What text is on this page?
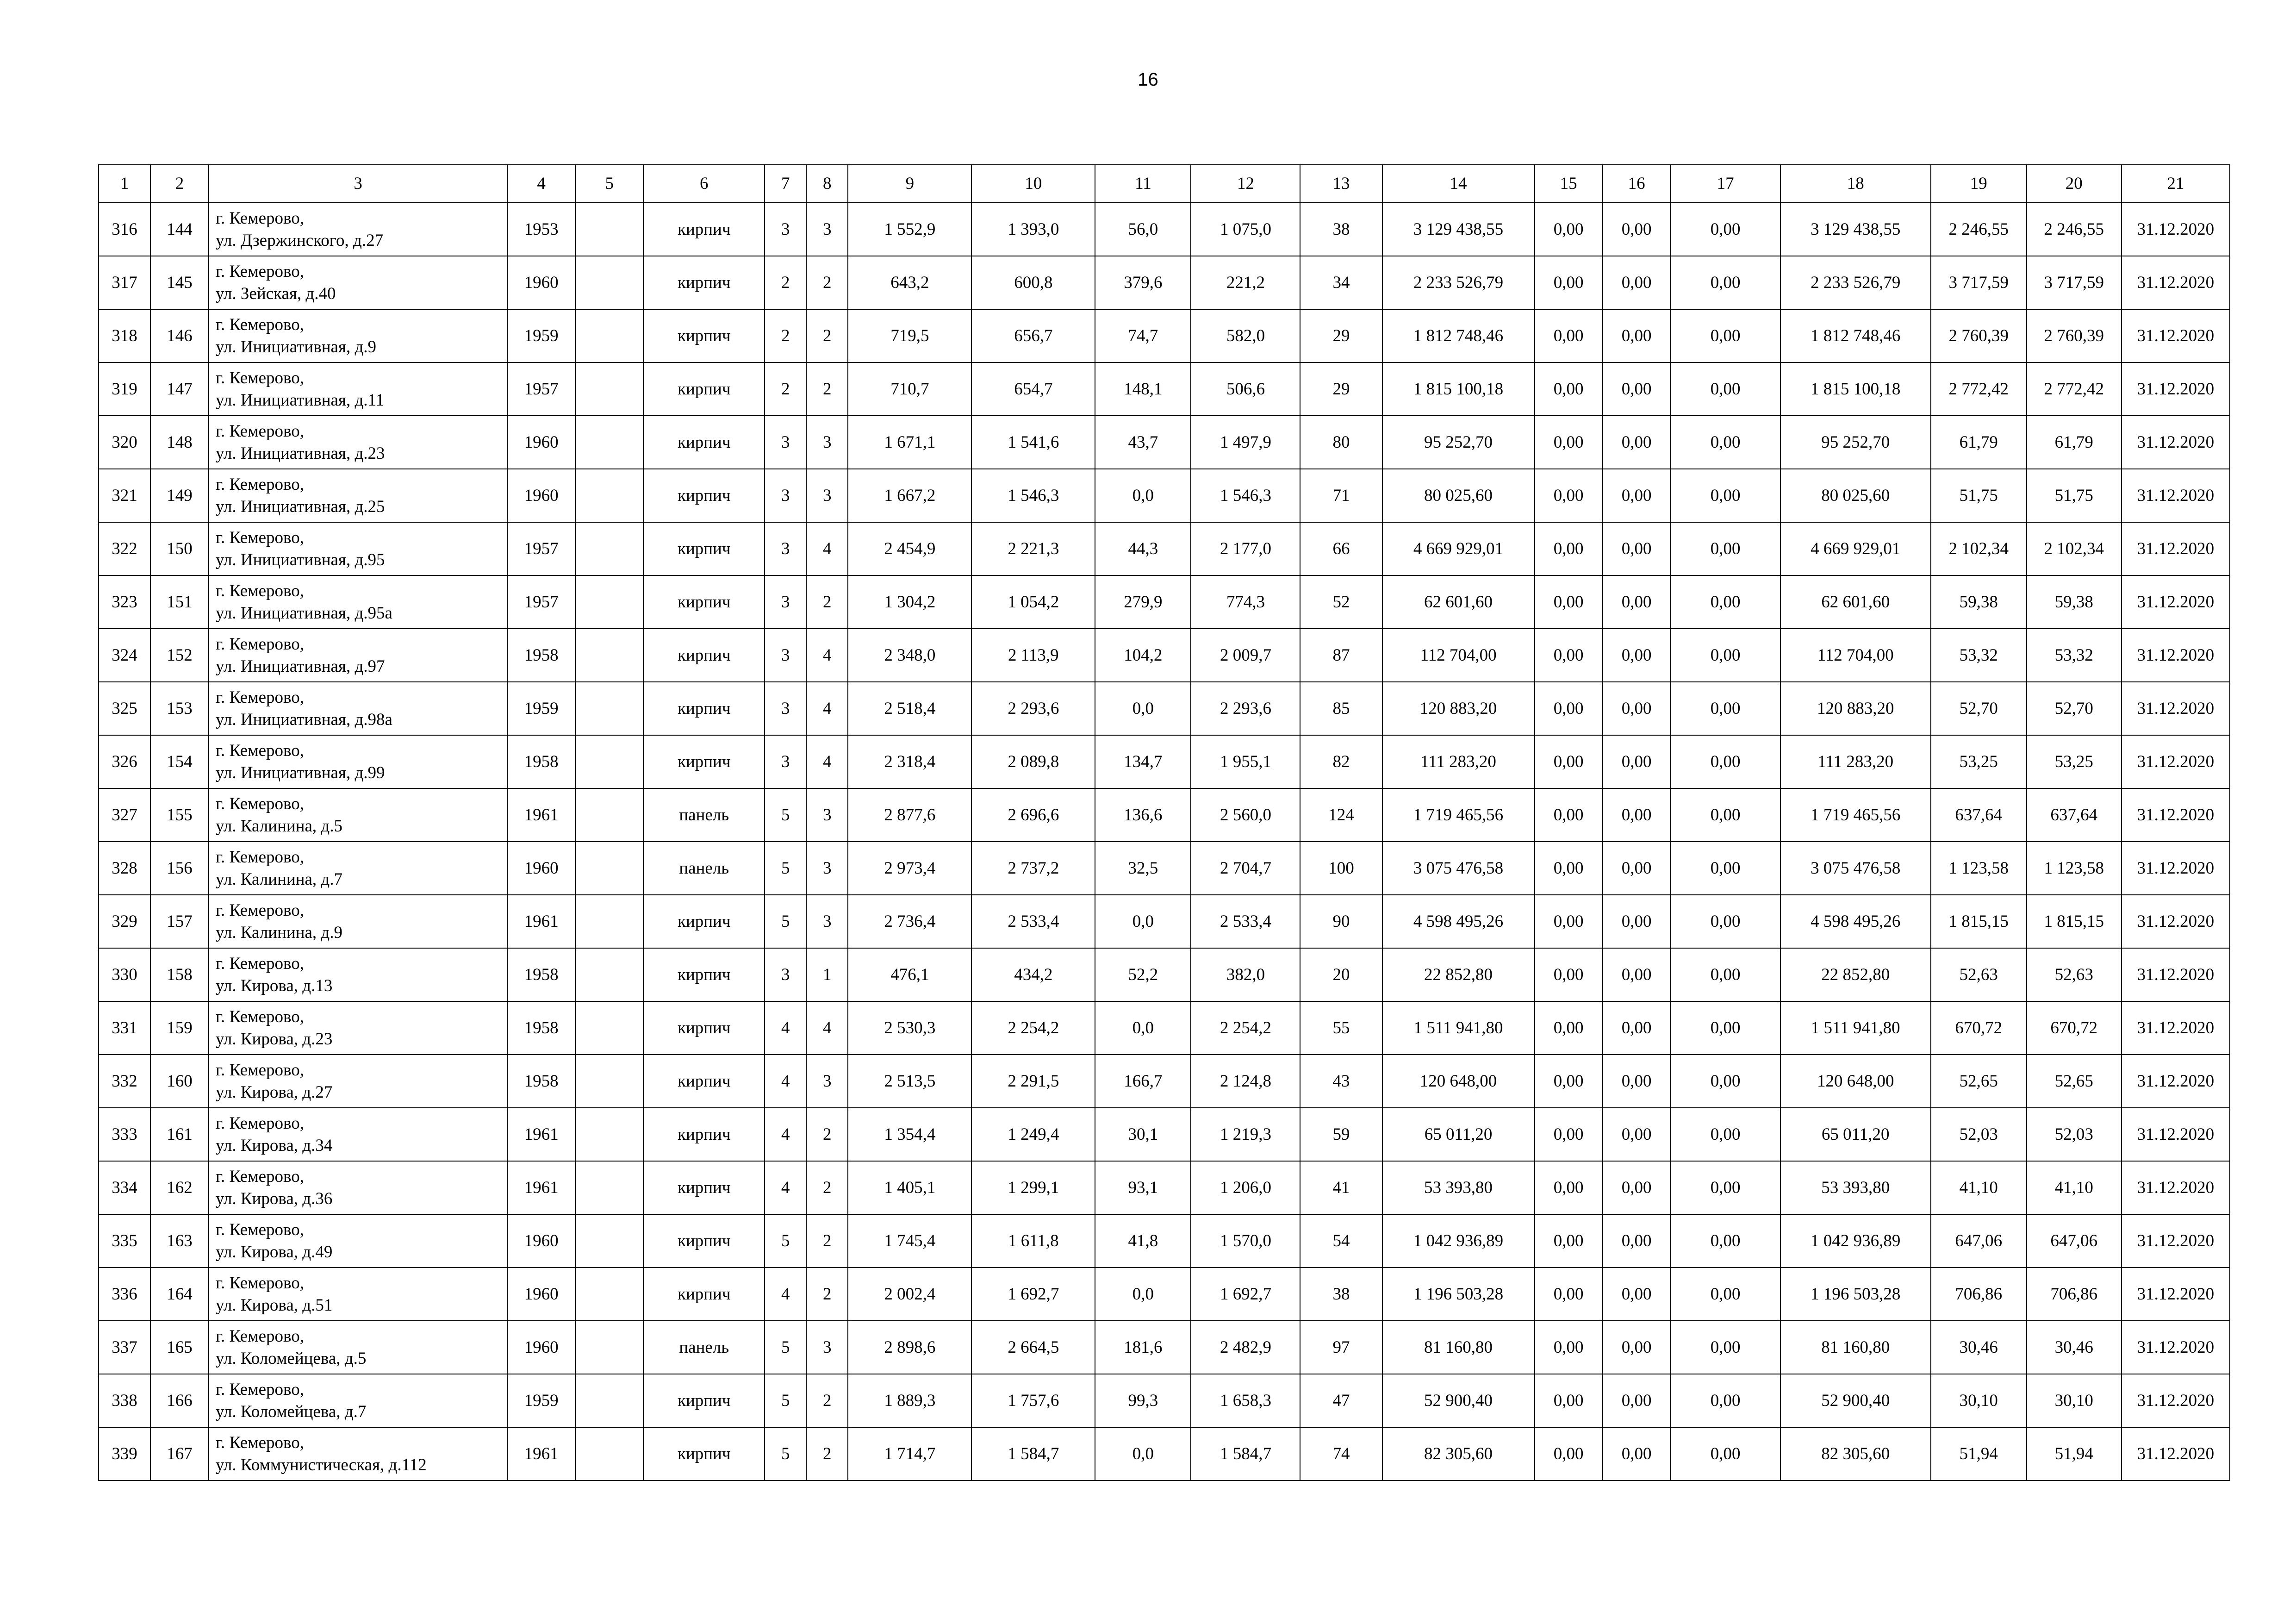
16
1	2	3	4	5	6	7	8	9	10	11	12	13	14	15	16	17	18	19	20	21
316	144	г. Кемерово,
ул. Дзержинского, д.27	1953		кирпич	3	3	1 552,9	1 393,0	56,0	1 075,0	38	3 129 438,55	0,00	0,00	0,00	3 129 438,55	2 246,55	2 246,55	31.12.2020
317	145	г. Кемерово,
ул. Зейская, д.40	1960		кирпич	2	2	643,2	600,8	379,6	221,2	34	2 233 526,79	0,00	0,00	0,00	2 233 526,79	3 717,59	3 717,59	31.12.2020
318	146	г. Кемерово,
ул. Инициативная, д.9	1959		кирпич	2	2	719,5	656,7	74,7	582,0	29	1 812 748,46	0,00	0,00	0,00	1 812 748,46	2 760,39	2 760,39	31.12.2020
319	147	г. Кемерово,
ул. Инициативная, д.11	1957		кирпич	2	2	710,7	654,7	148,1	506,6	29	1 815 100,18	0,00	0,00	0,00	1 815 100,18	2 772,42	2 772,42	31.12.2020
320	148	г. Кемерово,
ул. Инициативная, д.23	1960		кирпич	3	3	1 671,1	1 541,6	43,7	1 497,9	80	95 252,70	0,00	0,00	0,00	95 252,70	61,79	61,79	31.12.2020
321	149	г. Кемерово,
ул. Инициативная, д.25	1960		кирпич	3	3	1 667,2	1 546,3	0,0	1 546,3	71	80 025,60	0,00	0,00	0,00	80 025,60	51,75	51,75	31.12.2020
322	150	г. Кемерово,
ул. Инициативная, д.95	1957		кирпич	3	4	2 454,9	2 221,3	44,3	2 177,0	66	4 669 929,01	0,00	0,00	0,00	4 669 929,01	2 102,34	2 102,34	31.12.2020
323	151	г. Кемерово,
ул. Инициативная, д.95а	1957		кирпич	3	2	1 304,2	1 054,2	279,9	774,3	52	62 601,60	0,00	0,00	0,00	62 601,60	59,38	59,38	31.12.2020
324	152	г. Кемерово,
ул. Инициативная, д.97	1958		кирпич	3	4	2 348,0	2 113,9	104,2	2 009,7	87	112 704,00	0,00	0,00	0,00	112 704,00	53,32	53,32	31.12.2020
325	153	г. Кемерово,
ул. Инициативная, д.98а	1959		кирпич	3	4	2 518,4	2 293,6	0,0	2 293,6	85	120 883,20	0,00	0,00	0,00	120 883,20	52,70	52,70	31.12.2020
326	154	г. Кемерово,
ул. Инициативная, д.99	1958		кирпич	3	4	2 318,4	2 089,8	134,7	1 955,1	82	111 283,20	0,00	0,00	0,00	111 283,20	53,25	53,25	31.12.2020
327	155	г. Кемерово,
ул. Калинина, д.5	1961		панель	5	3	2 877,6	2 696,6	136,6	2 560,0	124	1 719 465,56	0,00	0,00	0,00	1 719 465,56	637,64	637,64	31.12.2020
328	156	г. Кемерово,
ул. Калинина, д.7	1960		панель	5	3	2 973,4	2 737,2	32,5	2 704,7	100	3 075 476,58	0,00	0,00	0,00	3 075 476,58	1 123,58	1 123,58	31.12.2020
329	157	г. Кемерово,
ул. Калинина, д.9	1961		кирпич	5	3	2 736,4	2 533,4	0,0	2 533,4	90	4 598 495,26	0,00	0,00	0,00	4 598 495,26	1 815,15	1 815,15	31.12.2020
330	158	г. Кемерово,
ул. Кирова, д.13	1958		кирпич	3	1	476,1	434,2	52,2	382,0	20	22 852,80	0,00	0,00	0,00	22 852,80	52,63	52,63	31.12.2020
331	159	г. Кемерово,
ул. Кирова, д.23	1958		кирпич	4	4	2 530,3	2 254,2	0,0	2 254,2	55	1 511 941,80	0,00	0,00	0,00	1 511 941,80	670,72	670,72	31.12.2020
332	160	г. Кемерово,
ул. Кирова, д.27	1958		кирпич	4	3	2 513,5	2 291,5	166,7	2 124,8	43	120 648,00	0,00	0,00	0,00	120 648,00	52,65	52,65	31.12.2020
333	161	г. Кемерово,
ул. Кирова, д.34	1961		кирпич	4	2	1 354,4	1 249,4	30,1	1 219,3	59	65 011,20	0,00	0,00	0,00	65 011,20	52,03	52,03	31.12.2020
334	162	г. Кемерово,
ул. Кирова, д.36	1961		кирпич	4	2	1 405,1	1 299,1	93,1	1 206,0	41	53 393,80	0,00	0,00	0,00	53 393,80	41,10	41,10	31.12.2020
335	163	г. Кемерово,
ул. Кирова, д.49	1960		кирпич	5	2	1 745,4	1 611,8	41,8	1 570,0	54	1 042 936,89	0,00	0,00	0,00	1 042 936,89	647,06	647,06	31.12.2020
336	164	г. Кемерово,
ул. Кирова, д.51	1960		кирпич	4	2	2 002,4	1 692,7	0,0	1 692,7	38	1 196 503,28	0,00	0,00	0,00	1 196 503,28	706,86	706,86	31.12.2020
337	165	г. Кемерово,
ул. Коломейцева, д.5	1960		панель	5	3	2 898,6	2 664,5	181,6	2 482,9	97	81 160,80	0,00	0,00	0,00	81 160,80	30,46	30,46	31.12.2020
338	166	г. Кемерово,
ул. Коломейцева, д.7	1959		кирпич	5	2	1 889,3	1 757,6	99,3	1 658,3	47	52 900,40	0,00	0,00	0,00	52 900,40	30,10	30,10	31.12.2020
339	167	г. Кемерово,
ул. Коммунистическая, д.112	1961		кирпич	5	2	1 714,7	1 584,7	0,0	1 584,7	74	82 305,60	0,00	0,00	0,00	82 305,60	51,94	51,94	31.12.2020
